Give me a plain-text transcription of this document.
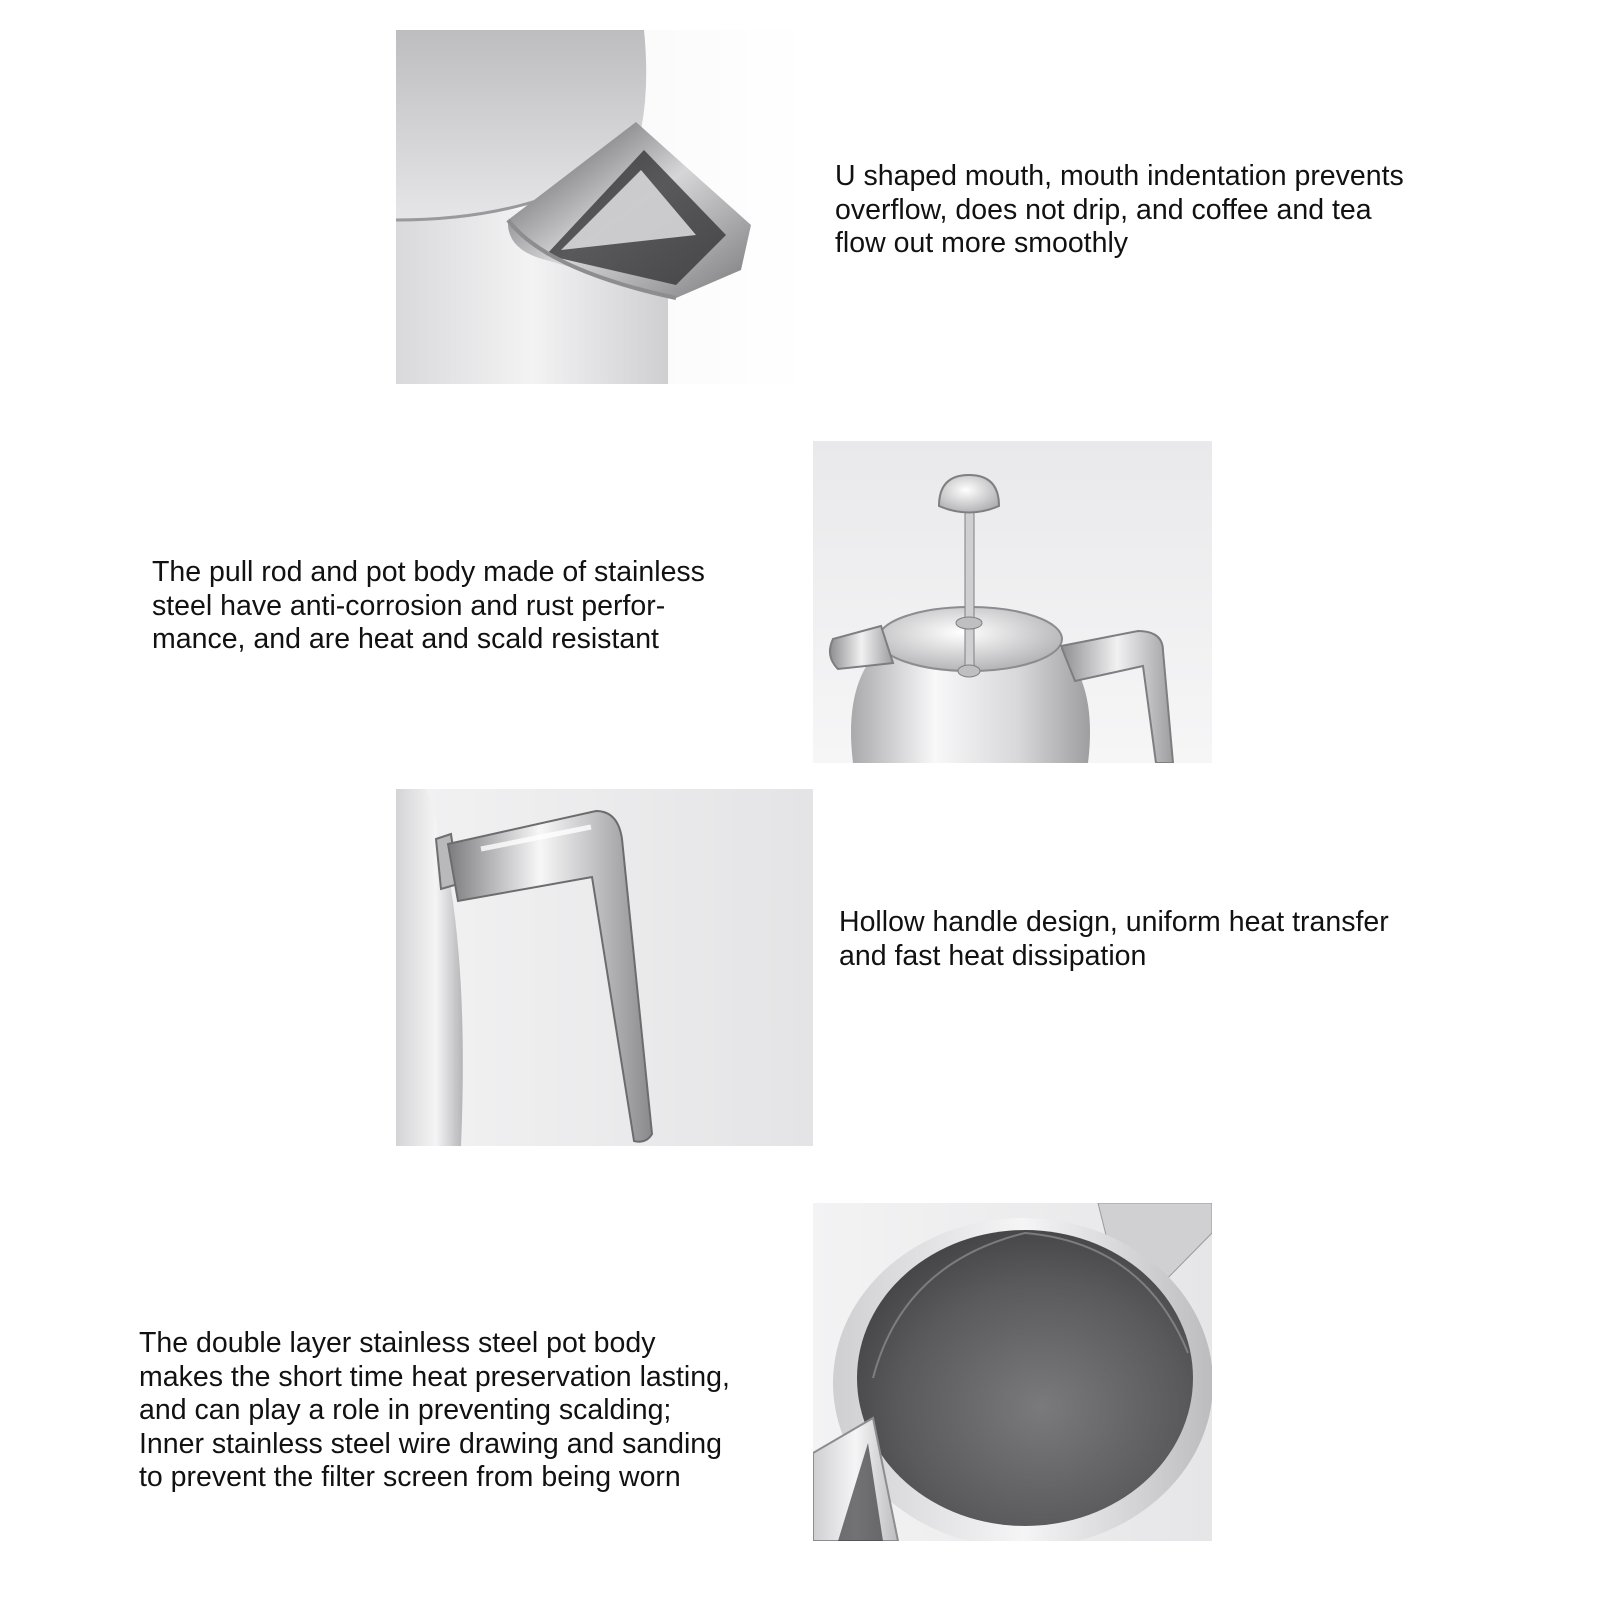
U shaped mouth, mouth indentation prevents
overflow, does not drip, and coffee and tea
flow out more smoothly

The pull rod and pot body made of stainless
steel have anti-corrosion and rust perfor-
mance, and are heat and scald resistant

Hollow handle design, uniform heat transfer
and fast heat dissipation

The double layer stainless steel pot body
makes the short time heat preservation lasting,
and can play a role in preventing scalding;
Inner stainless steel wire drawing and sanding
to prevent the filter screen from being worn
